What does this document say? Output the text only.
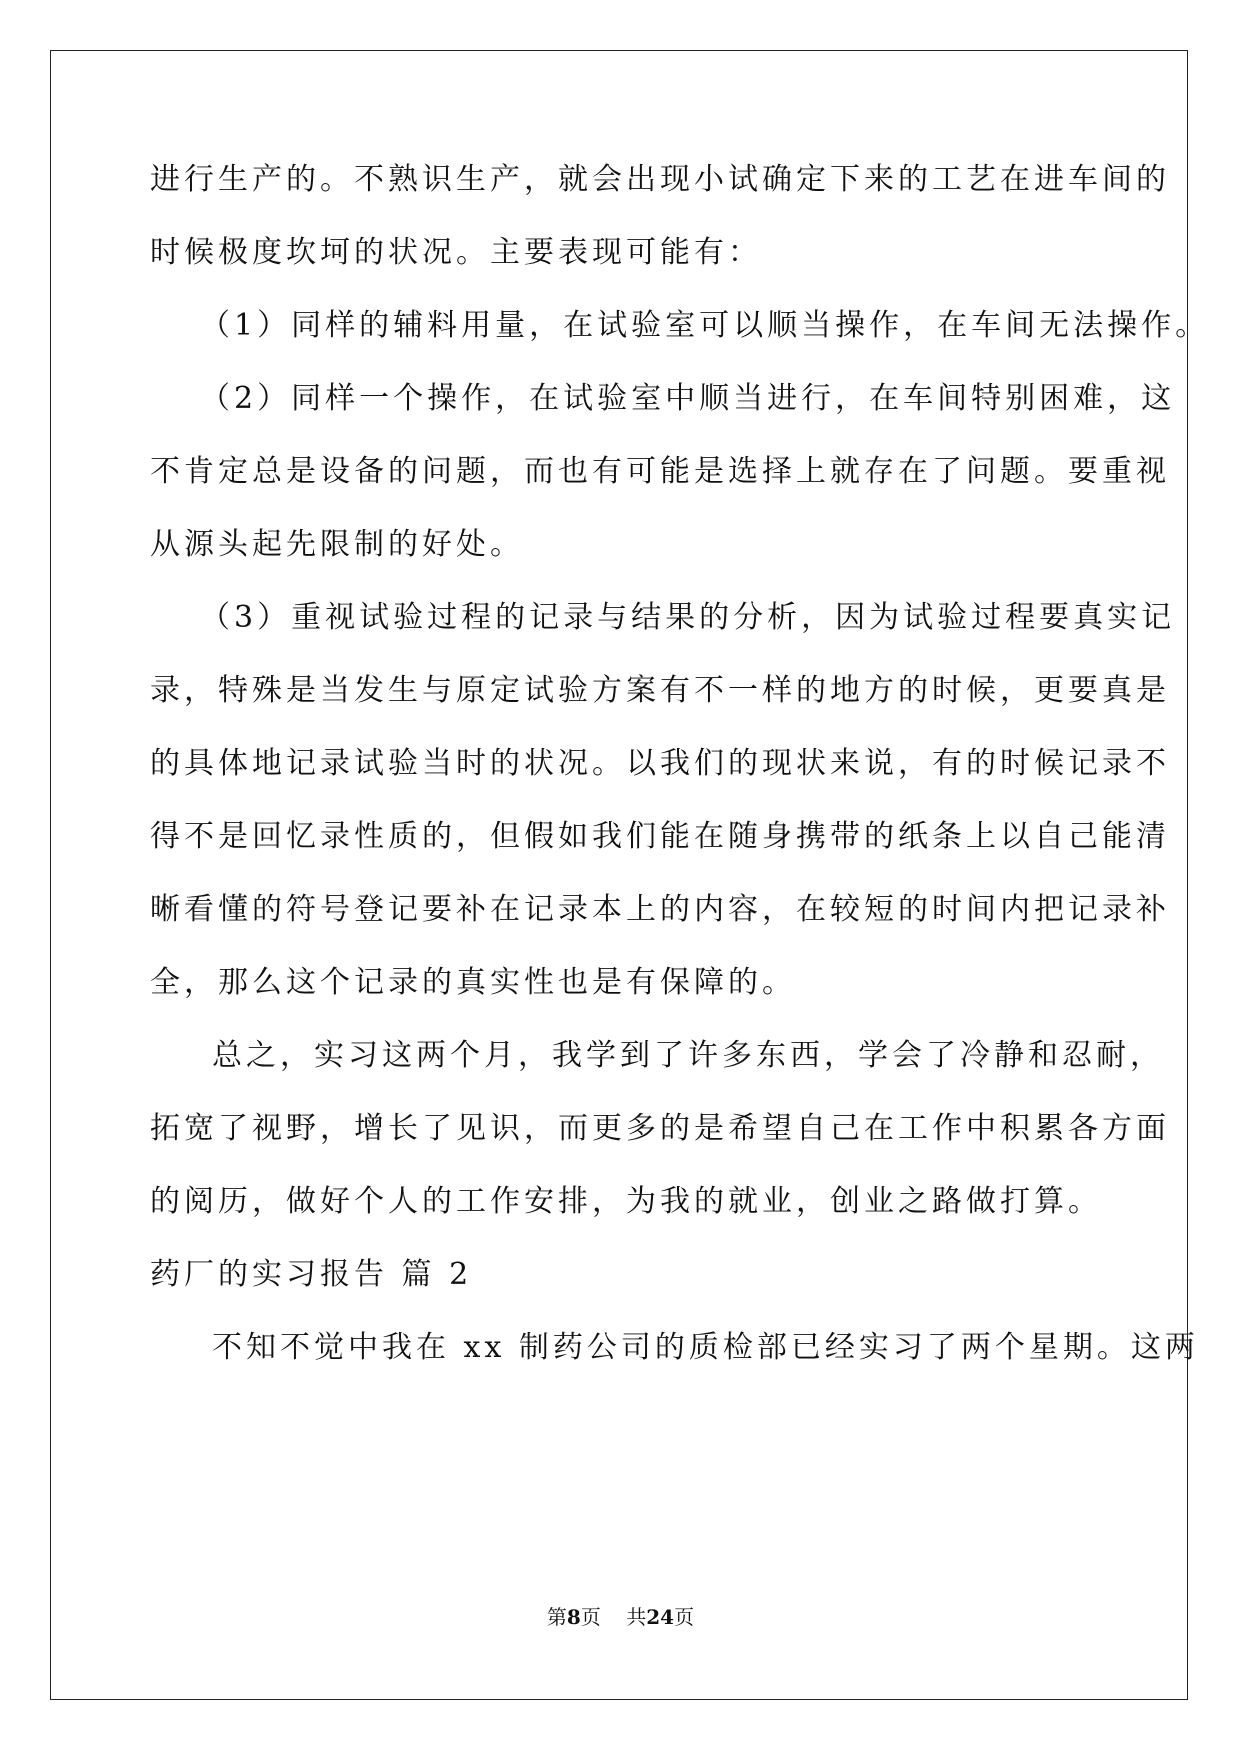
进行生产的。不熟识生产，就会出现小试确定下来的工艺在进车间的
时候极度坎坷的状况。主要表现可能有：
（1）同样的辅料用量，在试验室可以顺当操作，在车间无法操作。
（2）同样一个操作，在试验室中顺当进行，在车间特别困难，这
不肯定总是设备的问题，而也有可能是选择上就存在了问题。要重视
从源头起先限制的好处。
（3）重视试验过程的记录与结果的分析，因为试验过程要真实记
录，特殊是当发生与原定试验方案有不一样的地方的时候，更要真是
的具体地记录试验当时的状况。以我们的现状来说，有的时候记录不
得不是回忆录性质的，但假如我们能在随身携带的纸条上以自己能清
晰看懂的符号登记要补在记录本上的内容，在较短的时间内把记录补
全，那么这个记录的真实性也是有保障的。
总之，实习这两个月，我学到了许多东西，学会了冷静和忍耐，
拓宽了视野，增长了见识，而更多的是希望自己在工作中积累各方面
的阅历，做好个人的工作安排，为我的就业，创业之路做打算。
药厂的实习报告 篇 2
不知不觉中我在 xx 制药公司的质检部已经实习了两个星期。这两
第8页 共24页
